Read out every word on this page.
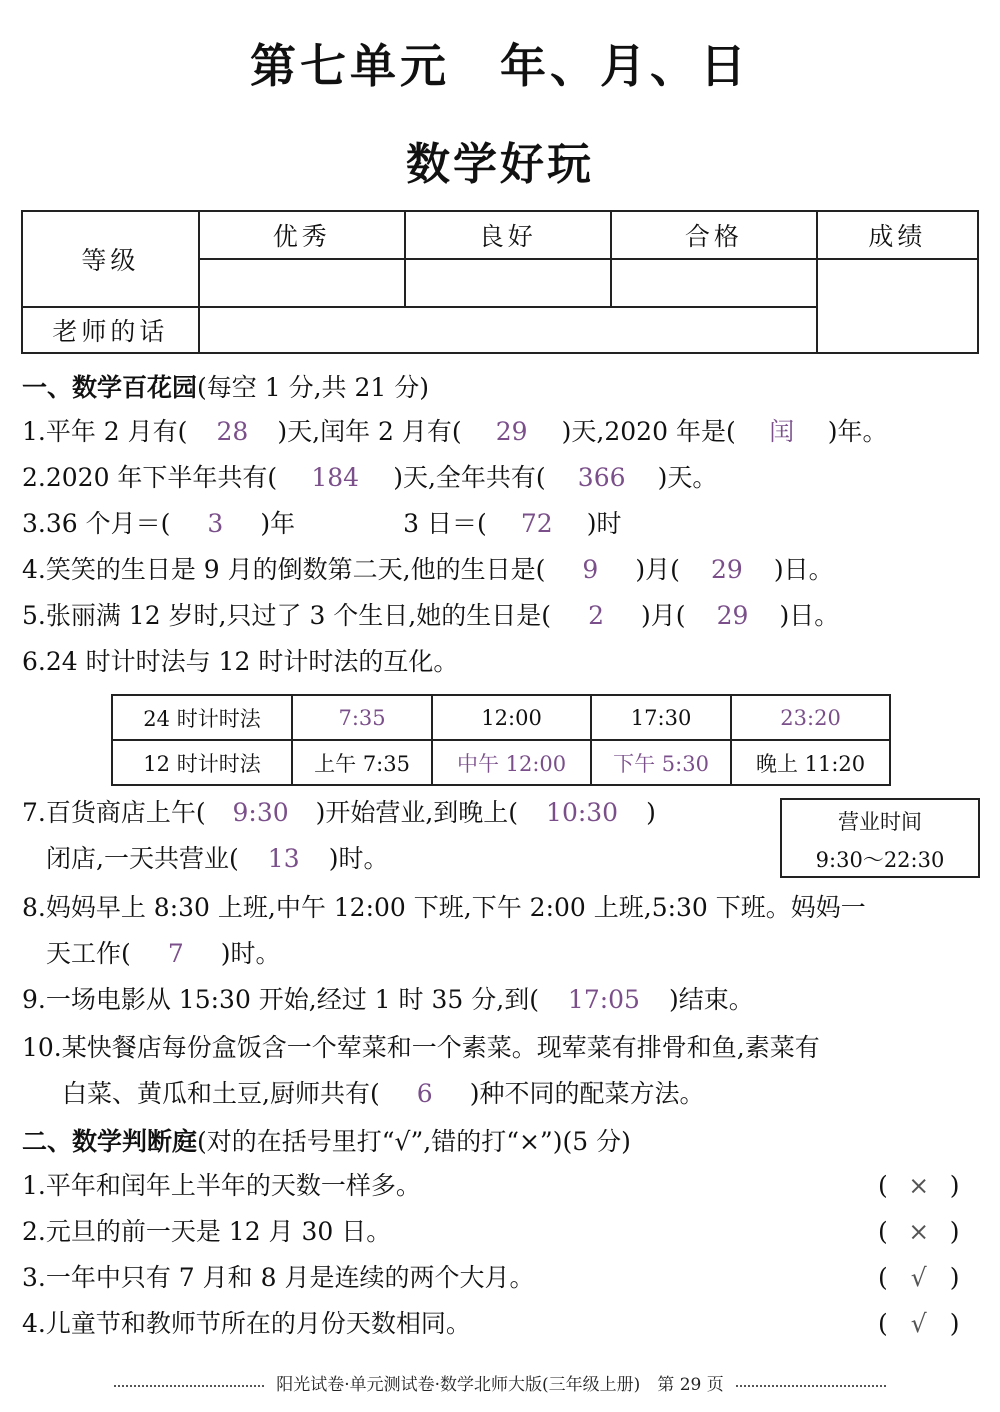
第七单元　年、月、日
数学好玩
等级	优秀	良好	合格	成绩

老师的话				
一、数学百花园(每空 1 分,共 21 分)
1.平年 2 月有( 28 )天,闰年 2 月有( 29 )天,2020 年是( 闰 )年。
2.2020 年下半年共有( 184 )天,全年共有( 366 )天。
3.36 个月＝( 3 )年	3 日＝( 72 )时
4.笑笑的生日是 9 月的倒数第二天,他的生日是( 9 )月( 29 )日。
5.张丽满 12 岁时,只过了 3 个生日,她的生日是( 2 )月( 29 )日。
6.24 时计时法与 12 时计时法的互化。
24 时计时法	7:35	12:00	17:30	23:20
12 时计时法	上午 7:35	中午 12:00	下午 5:30	晚上 11:20
7.百货商店上午( 9:30 )开始营业,到晚上( 10:30 )
闭店,一天共营业( 13 )时。
营业时间
9:30～22:30
8.妈妈早上 8:30 上班,中午 12:00 下班,下午 2:00 上班,5:30 下班。妈妈一
天工作( 7 )时。
9.一场电影从 15:30 开始,经过 1 时 35 分,到( 17:05 )结束。
10.某快餐店每份盒饭含一个荤菜和一个素菜。现荤菜有排骨和鱼,素菜有
白菜、黄瓜和土豆,厨师共有( 6 )种不同的配菜方法。
二、数学判断庭(对的在括号里打“√”,错的打“×”)(5 分)
1.平年和闰年上半年的天数一样多。	( × )
2.元旦的前一天是 12 月 30 日。	( × )
3.一年中只有 7 月和 8 月是连续的两个大月。	( √ )
4.儿童节和教师节所在的月份天数相同。	( √ )
阳光试卷·单元测试卷·数学北师大版(三年级上册)　第 29 页
